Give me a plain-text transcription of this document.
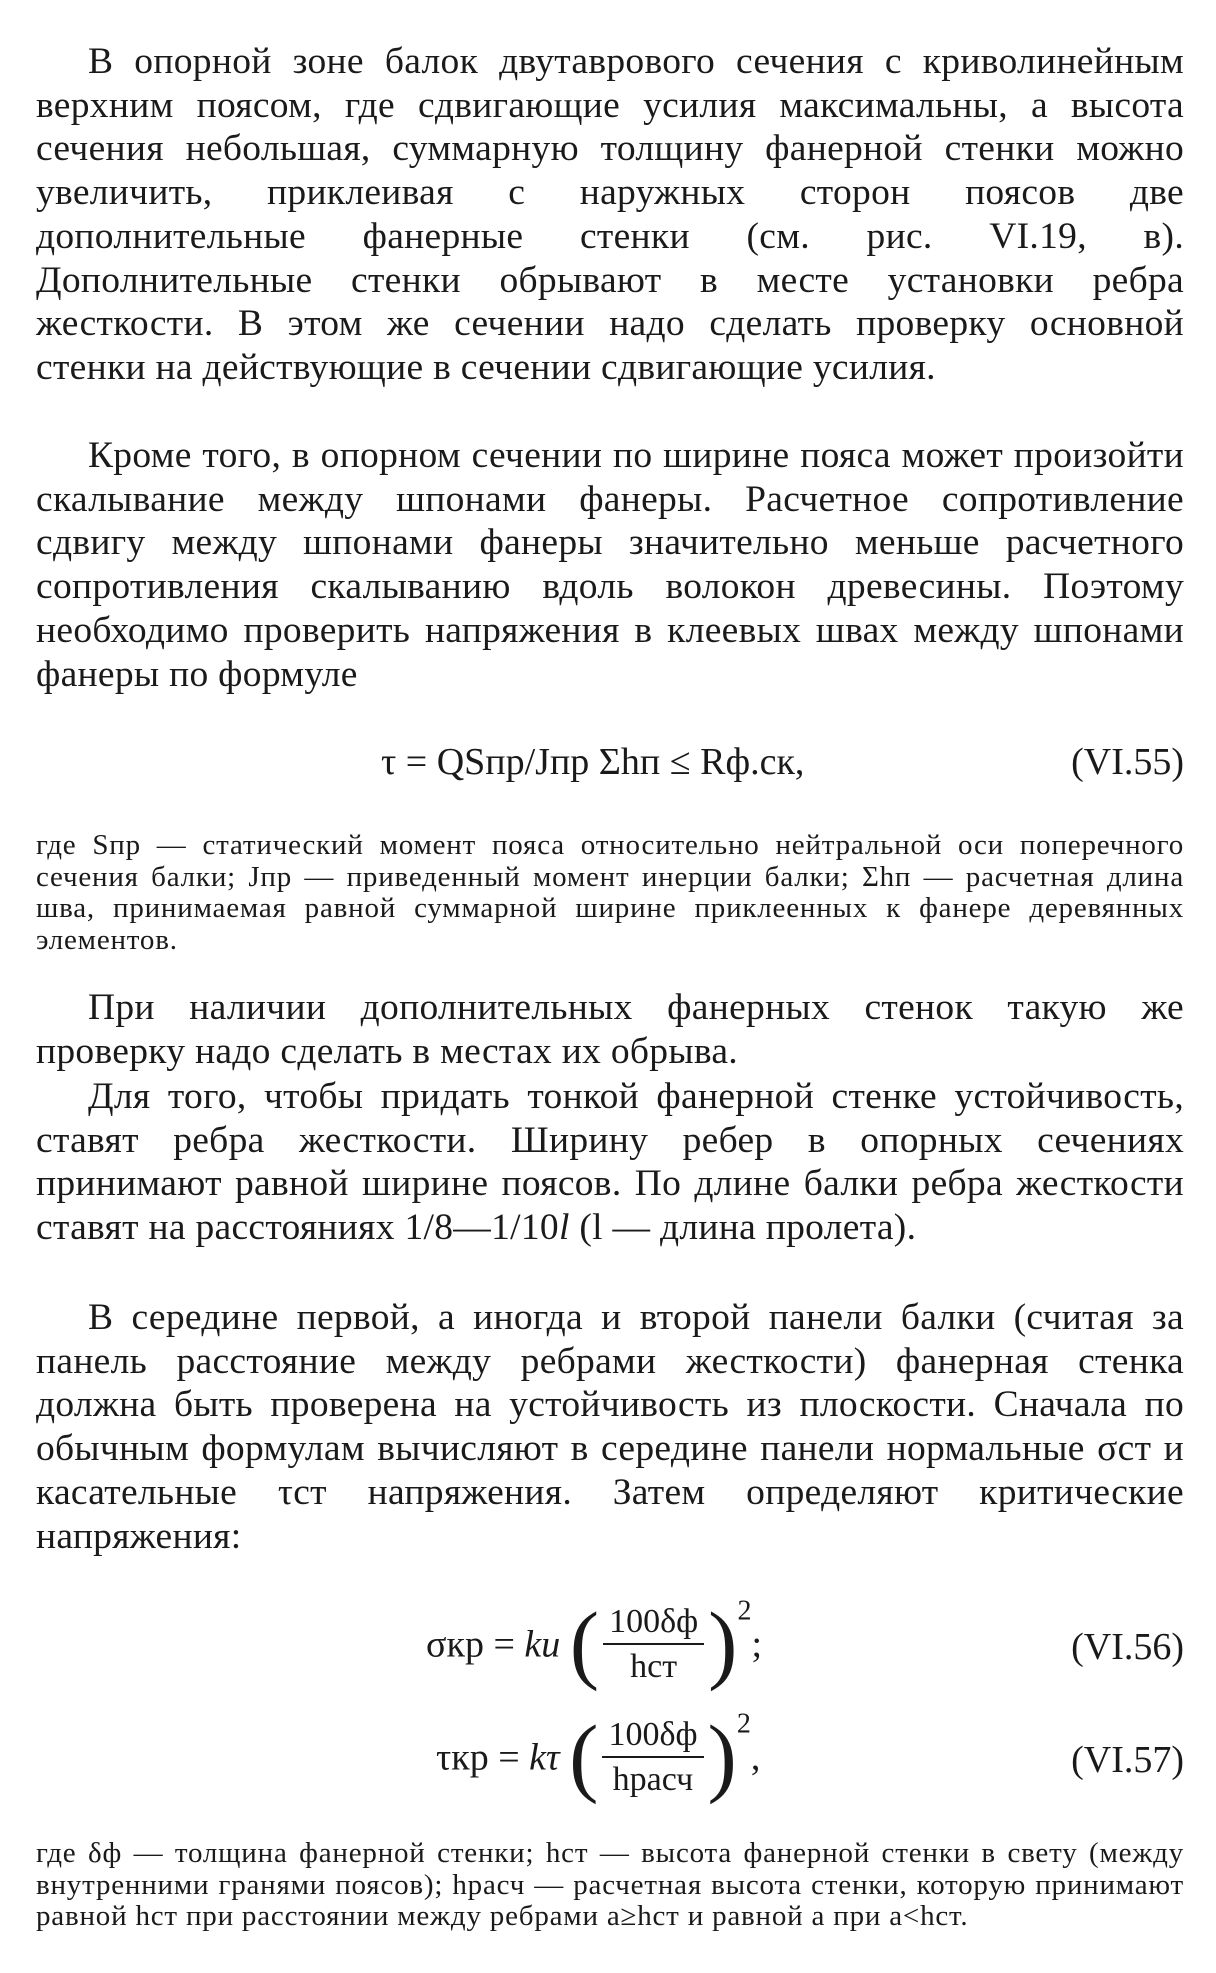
В опорной зоне балок двутаврового сечения с криволинейным верхним поясом, где сдвигающие усилия максимальны, а высота сечения небольшая, суммарную толщину фанерной стенки можно увеличить, приклеивая с наружных сторон поясов две дополнительные фанерные стенки (см. рис. VI.19, в). Дополнительные стенки обрывают в месте установки ребра жесткости. В этом же сечении надо сделать проверку основной стенки на действующие в сечении сдвигающие усилия.

Кроме того, в опорном сечении по ширине пояса может произойти скалывание между шпонами фанеры. Расчетное сопротивление сдвигу между шпонами фанеры значительно меньше расчетного сопротивления скалыванию вдоль волокон древесины. Поэтому необходимо проверить напряжения в клеевых швах между шпонами фанеры по формуле

τ = QSпр/Jпр Σhп ≤ Rф.ск,	(VI.55)

где Sпр — статический момент пояса относительно нейтральной оси поперечного сечения балки; Jпр — приведенный момент инерции балки; Σhп — расчетная длина шва, принимаемая равной суммарной ширине приклеенных к фанере деревянных элементов.

При наличии дополнительных фанерных стенок такую же проверку надо сделать в местах их обрыва.

Для того, чтобы придать тонкой фанерной стенке устойчивость, ставят ребра жесткости. Ширину ребер в опорных сечениях принимают равной ширине поясов. По длине балки ребра жесткости ставят на расстояниях 1/8—1/10l (l — длина пролета).

В середине первой, а иногда и второй панели балки (считая за панель расстояние между ребрами жесткости) фанерная стенка должна быть проверена на устойчивость из плоскости. Сначала по обычным формулам вычисляют в середине панели нормальные σст и касательные τст напряжения. Затем определяют критические напряжения:

σкр = kи ( $\frac{100\delta ф}{\text{hст}} )^2$;	(VI.56)
τкр = kτ ( $\frac{100\delta ф}{\text{hрасч}} )^2$,	(VI.57)

где δф — толщина фанерной стенки; hст — высота фанерной стенки в свету (между внутренними гранями поясов); hрасч — расчетная высота стенки, которую принимают равной hст при расстоянии между ребрами a≥hст и равной a при a<hст.
